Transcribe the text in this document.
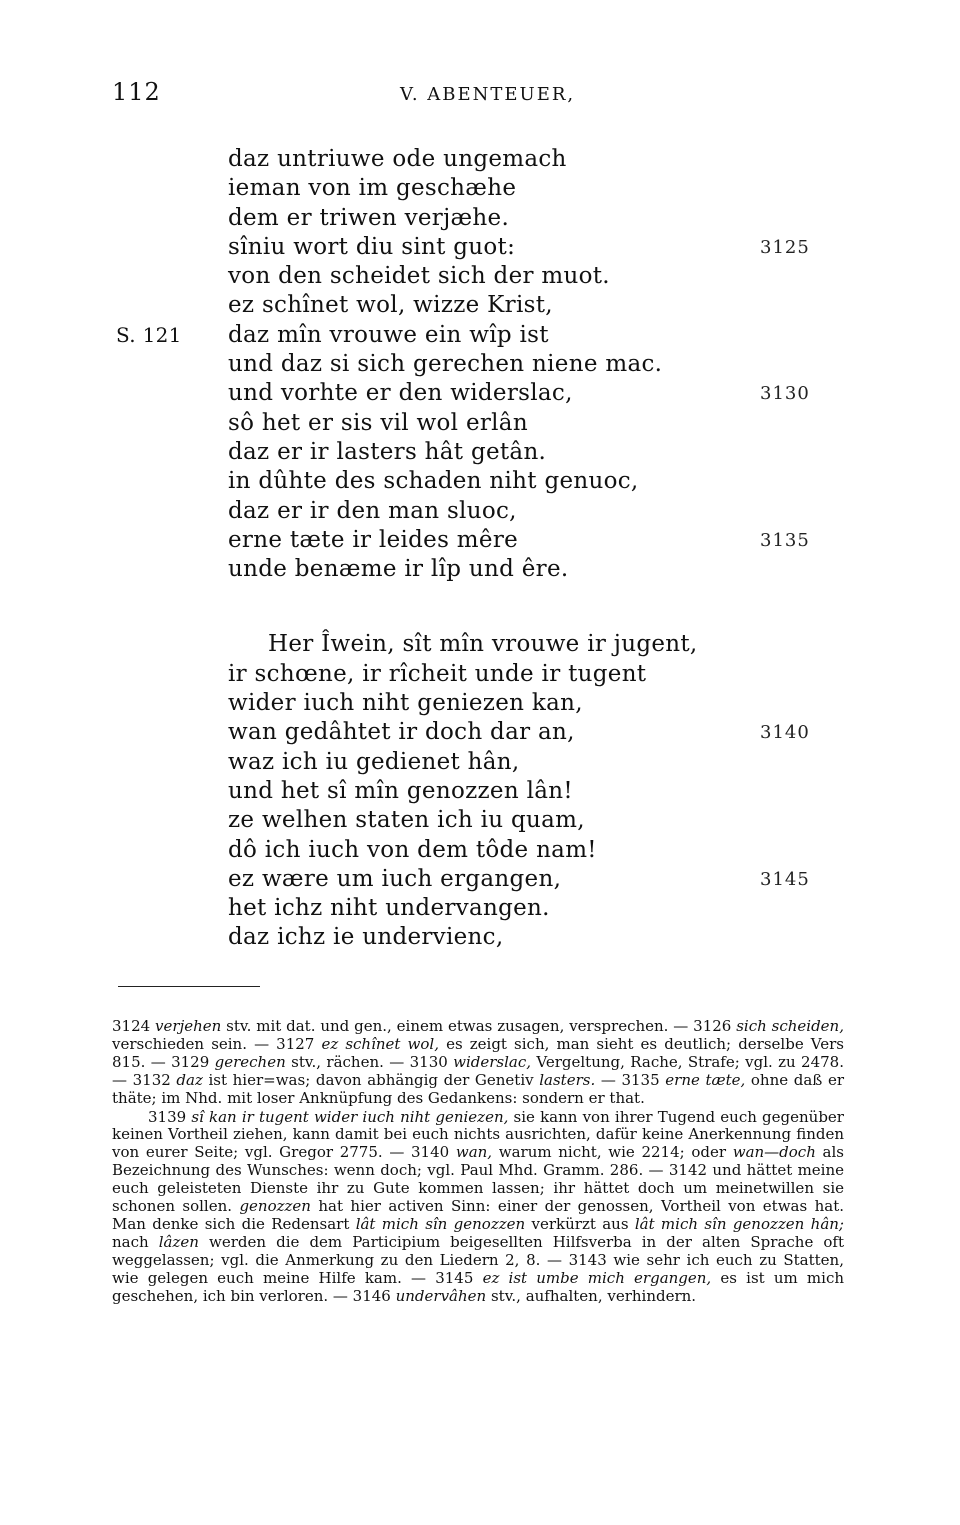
112	V. ABENTEUER,
daz untriuwe ode ungemach
ieman von im geschæhe
dem er triwen verjæhe.
sîniu wort diu sint guot:	3125
von den scheidet sich der muot.
ez schînet wol, wizze Krist,
daz mîn vrouwe ein wîp ist
S. 121
und daz si sich gerechen niene mac.
und vorhte er den widerslac,	3130
sô het er sis vil wol erlân
daz er ir lasters hât getân.
in dûhte des schaden niht genuoc,
daz er ir den man sluoc,
erne tæte ir leides mêre	3135
unde benæme ir lîp und êre.
Her Îwein, sît mîn vrouwe ir jugent,
ir schœne, ir rîcheit unde ir tugent
wider iuch niht geniezen kan,
wan gedâhtet ir doch dar an,	3140
waz ich iu gedienet hân,
und het sî mîn genozzen lân!
ze welhen staten ich iu quam,
dô ich iuch von dem tôde nam!
ez wære um iuch ergangen,	3145
het ichz niht undervangen.
daz ichz ie undervienc,

3124 verjehen stv. mit dat. und gen., einem etwas zusagen, versprechen. — 3126 sich scheiden, verschieden sein. — 3127 ez schînet wol, es zeigt sich, man sieht es deutlich; derselbe Vers 815. — 3129 gerechen stv., rächen. — 3130 widerslac, Vergeltung, Rache, Strafe; vgl. zu 2478. — 3132 daz ist hier=was; davon abhängig der Genetiv lasters. — 3135 erne tæte, ohne daß er thäte; im Nhd. mit loser Anknüpfung des Gedankens: sondern er that.

3139 sî kan ir tugent wider iuch niht geniezen, sie kann von ihrer Tugend euch gegenüber keinen Vortheil ziehen, kann damit bei euch nichts ausrichten, dafür keine Anerkennung finden von eurer Seite; vgl. Gregor 2775. — 3140 wan, warum nicht, wie 2214; oder wan—doch als Bezeichnung des Wunsches: wenn doch; vgl. Paul Mhd. Gramm. 286. — 3142 und hättet meine euch geleisteten Dienste ihr zu Gute kommen lassen; ihr hättet doch um meinetwillen sie schonen sollen. genozzen hat hier activen Sinn: einer der genossen, Vortheil von etwas hat. Man denke sich die Redensart lât mich sîn genozzen verkürzt aus lât mich sîn genozzen hân; nach lâzen werden die dem Participium beigesellten Hilfsverba in der alten Sprache oft weggelassen; vgl. die Anmerkung zu den Liedern 2, 8. — 3143 wie sehr ich euch zu Statten, wie gelegen euch meine Hilfe kam. — 3145 ez ist umbe mich ergangen, es ist um mich geschehen, ich bin verloren. — 3146 undervâhen stv., aufhalten, verhindern.
